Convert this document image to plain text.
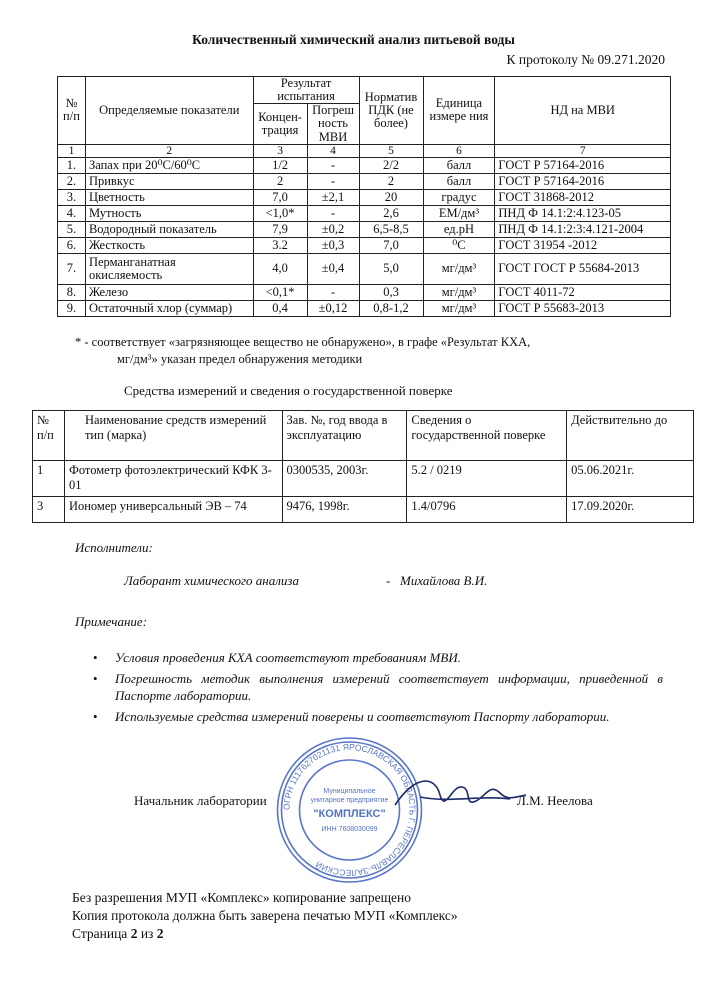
Количественный химический анализ питьевой воды
К протоколу № 09.271.2020
№ п/п	Определяемые показатели	Результат испытания		Норматив ПДК (не более)	Единица измере ния	НД на МВИ
		Концен-трация	Погреш ность МВИ			
1	2	3	4	5	6	7
1.	Запах при 20⁰С/60⁰С	1/2	-	2/2	балл	ГОСТ Р 57164-2016
2.	Привкус	2	-	2	балл	ГОСТ Р 57164-2016
3.	Цветность	7,0	±2,1	20	градус	ГОСТ 31868-2012
4.	Мутность	<1,0*	-	2,6	ЕМ/дм³	ПНД Ф 14.1:2:4.123-05
5.	Водородный показатель	7,9	±0,2	6,5-8,5	ед.рН	ПНД Ф 14.1:2:3:4.121-2004
6.	Жесткость	3.2	±0,3	7,0	⁰С	ГОСТ 31954 -2012
7.	Перманганатная окисляемость	4,0	±0,4	5,0	мг/дм³	ГОСТ ГОСТ Р 55684-2013
8.	Железо	<0,1*	-	0,3	мг/дм³	ГОСТ 4011-72
9.	Остаточный хлор (суммар)	0,4	±0,12	0,8-1,2	мг/дм³	ГОСТ Р 55683-2013
* - соответствует «загрязняющее вещество не обнаружено», в графе «Результат КХА,
мг/дм³» указан предел обнаружения методики
Средства измерений и сведения о государственной поверке
№ п/п	Наименование средств измерений тип (марка)	Зав. №, год ввода в эксплуатацию	Сведения о государственной поверке	Действительно до
1	Фотометр фотоэлектрический КФК 3-01	0300535, 2003г.	5.2 / 0219	05.06.2021г.
3	Иономер универсальный ЭВ – 74	9476, 1998г.	1.4/0796	17.09.2020г.
Исполнители:
Лаборант химического анализа	- Михайлова В.И.
Примечание:
• Условия проведения КХА соответствуют требованиям МВИ.
• Погрешность методик выполнения измерений соответствует информации, приведенной в Паспорте лаборатории.
• Используемые средства измерений поверены и соответствуют Паспорту лаборатории.
Начальник лаборатории	Л.М. Неелова
ОГРН 1117627021131 ЯРОСЛАВСКАЯ ОБЛАСТЬ Г. ПЕРЕСЛАВЛЬ-ЗАЛЕССКИЙ
Муниципальное
унитарное предприятие
"КОМПЛЕКС"
ИНН 7608030099
Без разрешения МУП «Комплекс» копирование запрещено
Копия протокола должна быть заверена печатью МУП «Комплекс»
Страница 2 из 2
